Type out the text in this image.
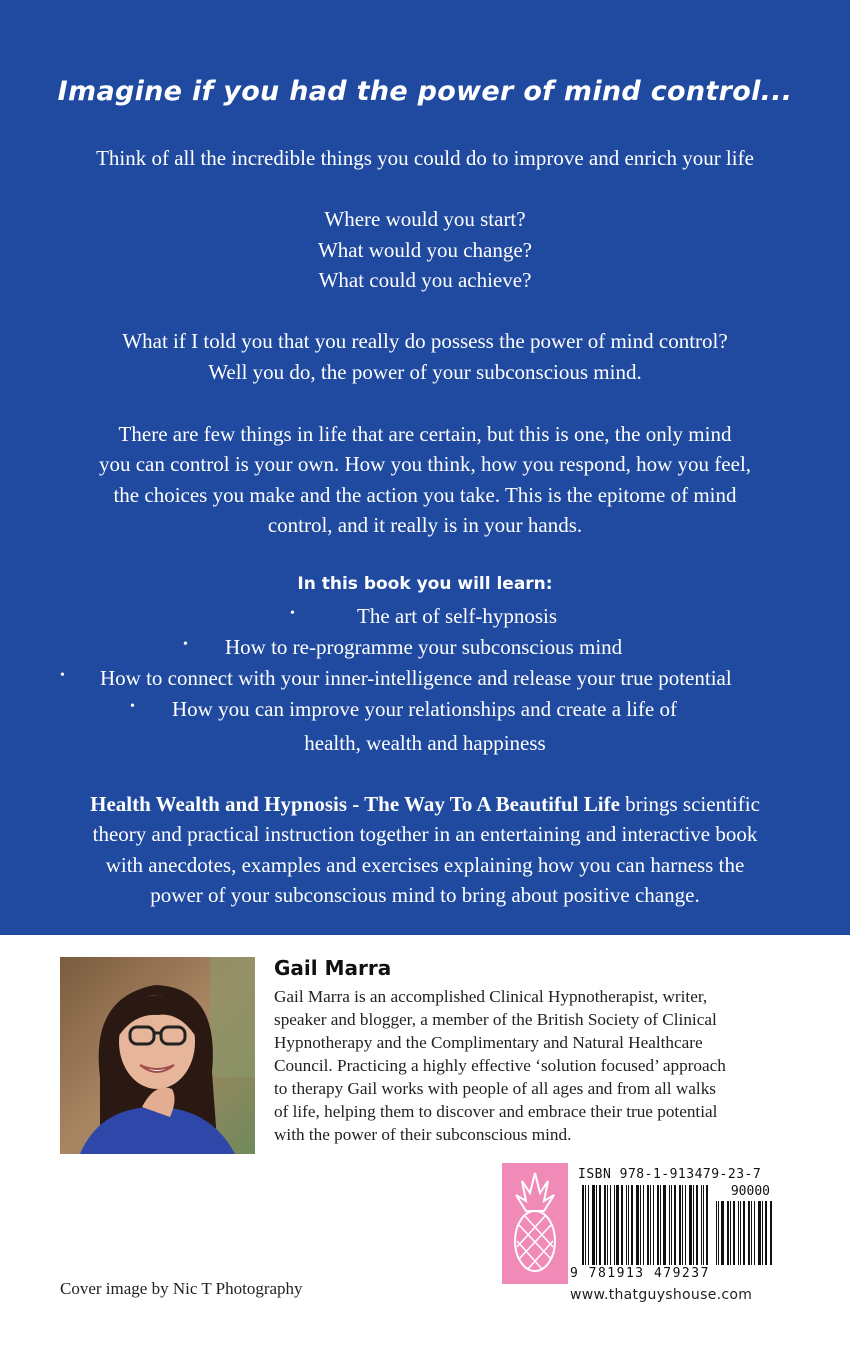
Imagine if you had the power of mind control...
Think of all the incredible things you could do to improve and enrich your life
Where would you start?
What would you change?
What could you achieve?
What if I told you that you really do possess the power of mind control?
Well you do, the power of your subconscious mind.
There are few things in life that are certain, but this is one, the only mind
you can control is your own. How you think, how you respond, how you feel,
the choices you make and the action you take. This is the epitome of mind
control, and it really is in your hands.
In this book you will learn:
•	The art of self-hypnosis
• How to re-programme your subconscious mind
• How to connect with your inner-intelligence and release your true potential
• How you can improve your relationships and create a life of
health, wealth and happiness
Health Wealth and Hypnosis - The Way To A Beautiful Life brings scientific
theory and practical instruction together in an entertaining and interactive book
with anecdotes, examples and exercises explaining how you can harness the
power of your subconscious mind to bring about positive change.
Gail Marra
Gail Marra is an accomplished Clinical Hypnotherapist, writer,
speaker and blogger, a member of the British Society of Clinical
Hypnotherapy and the Complimentary and Natural Healthcare
Council. Practicing a highly effective ‘solution focused’ approach
to therapy Gail works with people of all ages and from all walks
of life, helping them to discover and embrace their true potential
with the power of their subconscious mind.
Cover image by Nic T Photography
ISBN 978-1-913479-23-7
90000
9 781913 479237
www.thatguyshouse.com
